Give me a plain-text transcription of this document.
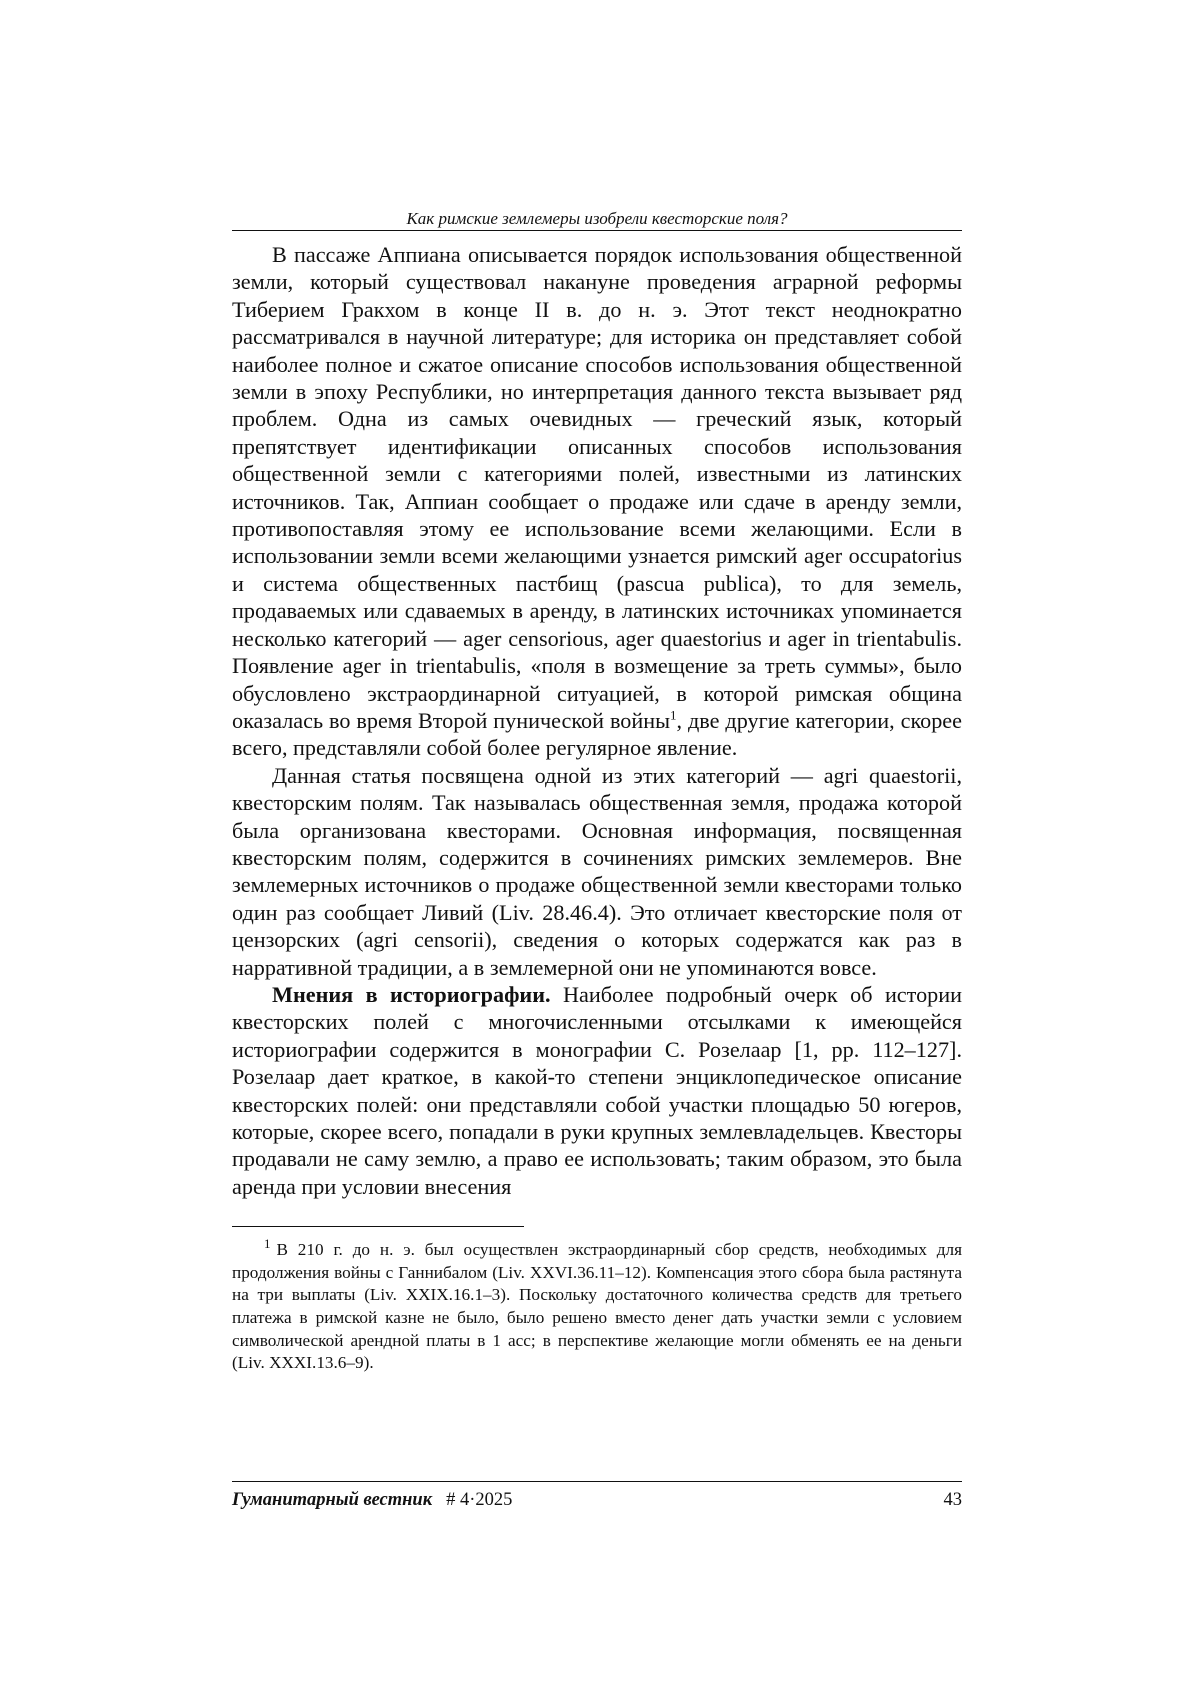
Как римские землемеры изобрели квесторские поля?

В пассаже Аппиана описывается порядок использования общественной земли, который существовал накануне проведения аграрной реформы Тиберием Гракхом в конце II в. до н. э. Этот текст неоднократно рассматривался в научной литературе; для историка он представляет собой наиболее полное и сжатое описание способов использования общественной земли в эпоху Республики, но интерпретация данного текста вызывает ряд проблем. Одна из самых очевидных — греческий язык, который препятствует идентификации описанных способов использования общественной земли с категориями полей, известными из латинских источников. Так, Аппиан сообщает о продаже или сдаче в аренду земли, противопоставляя этому ее использование всеми желающими. Если в использовании земли всеми желающими узнается римский ager occupatorius и система общественных пастбищ (pascua publica), то для земель, продаваемых или сдаваемых в аренду, в латинских источниках упоминается несколько категорий — ager censorious, ager quaestorius и ager in trientabulis. Появление ager in trientabulis, «поля в возмещение за треть суммы», было обусловлено экстраординарной ситуацией, в которой римская община оказалась во время Второй пунической войны$^1$, две другие категории, скорее всего, представляли собой более регулярное явление.

Данная статья посвящена одной из этих категорий — agri quaestorii, квесторским полям. Так называлась общественная земля, продажа которой была организована квесторами. Основная информация, посвященная квесторским полям, содержится в сочинениях римских землемеров. Вне землемерных источников о продаже общественной земли квесторами только один раз сообщает Ливий (Liv. 28.46.4). Это отличает квесторские поля от цензорских (agri censorii), сведения о которых содержатся как раз в нарративной традиции, а в землемерной они не упоминаются вовсе.

Мнения в историографии. Наиболее подробный очерк об истории квесторских полей с многочисленными отсылками к имеющейся историографии содержится в монографии С. Розелаар [1, pp. 112–127]. Розелаар дает краткое, в какой-то степени энциклопедическое описание квесторских полей: они представляли собой участки площадью 50 югеров, которые, скорее всего, попадали в руки крупных землевладельцев. Квесторы продавали не саму землю, а право ее использовать; таким образом, это была аренда при условии внесения

$^1$ В 210 г. до н. э. был осуществлен экстраординарный сбор средств, необходимых для продолжения войны с Ганнибалом (Liv. XXVI.36.11–12). Компенсация этого сбора была растянута на три выплаты (Liv. XXIX.16.1–3). Поскольку достаточного количества средств для третьего платежа в римской казне не было, было решено вместо денег дать участки земли с условием символической арендной платы в 1 асс; в перспективе желающие могли обменять ее на деньги (Liv. XXXI.13.6–9).

Гуманитарный вестник # 4·2025	43
